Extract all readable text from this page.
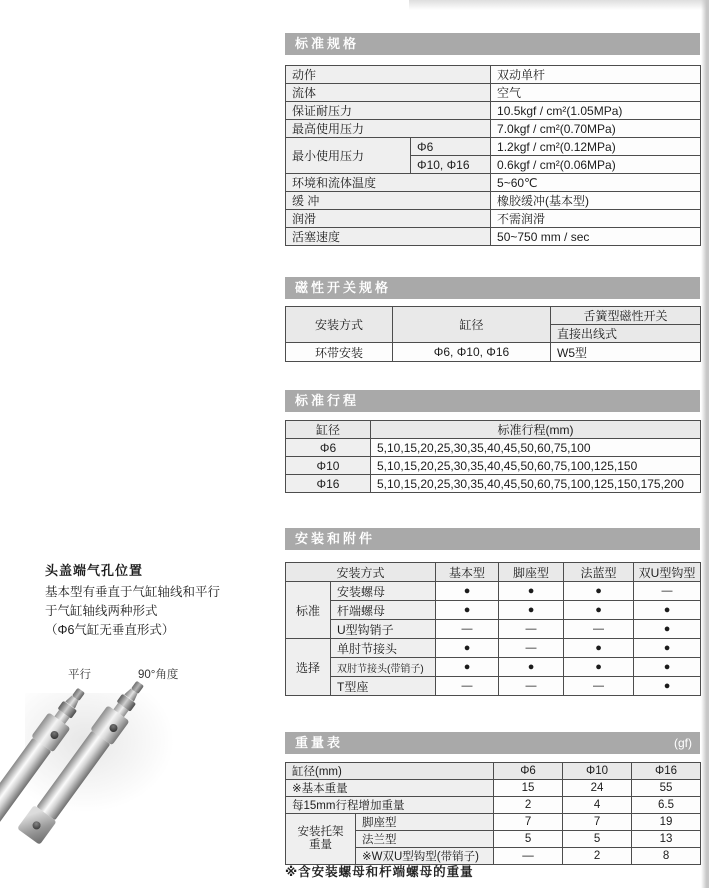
标准规格
动作		双动单杆
流体		空气
保证耐压力		10.5kgf / cm²(1.05MPa)
最高使用压力		7.0kgf / cm²(0.70MPa)
最小使用压力	Φ6	1.2kgf / cm²(0.12MPa)
	Φ10, Φ16	0.6kgf / cm²(0.06MPa)
环境和流体温度		5~60℃
缓 冲		橡胶缓冲(基本型)
润滑		不需润滑
活塞速度		50~750 mm / sec
磁性开关规格
安装方式	缸径	舌簧型磁性开关
		直接出线式
环带安装	Φ6, Φ10, Φ16	W5型
标准行程
缸径	标准行程(mm)
Φ6	5,10,15,20,25,30,35,40,45,50,60,75,100
Φ10	5,10,15,20,25,30,35,40,45,50,60,75,100,125,150
Φ16	5,10,15,20,25,30,35,40,45,50,60,75,100,125,150,175,200
安装和附件
安装方式		基本型	脚座型	法蓝型	双U型钩型
标准	安装螺母	●	●	●	—
	杆端螺母	●	●	●	●
	U型钩销子	—	—	—	●
选择	单肘节接头	●	—	●	●
	双肘节接头(带销子)	●	●	●	●
	T型座	—	—	—	●
重量表	(gf)
缸径(mm)		Φ6	Φ10	Φ16
※基本重量		15	24	55
每15mm行程增加重量		2	4	6.5
安装托架
重量	脚座型	7	7	19
	法兰型	5	5	13
	※W双U型钩型(带销子)	—	2	8
※含安装螺母和杆端螺母的重量
头盖端气孔位置
基本型有垂直于气缸轴线和平行
于气缸轴线两种形式
（Φ6气缸无垂直形式）
平行	90°角度
